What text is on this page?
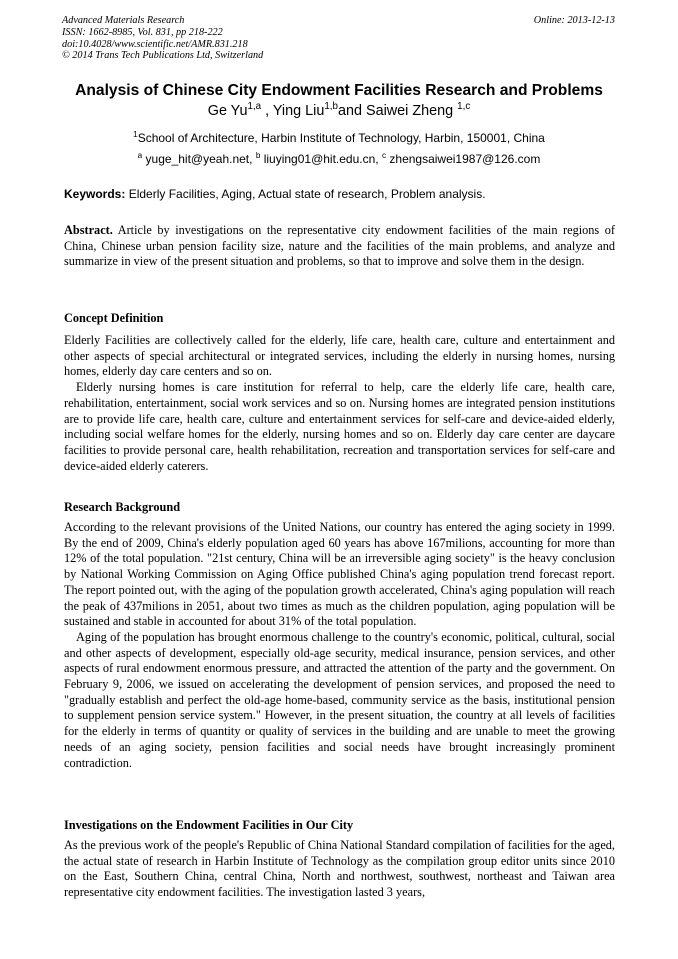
Advanced Materials Research
ISSN: 1662-8985, Vol. 831, pp 218-222
doi:10.4028/www.scientific.net/AMR.831.218
© 2014 Trans Tech Publications Ltd, Switzerland
Online: 2013-12-13
Analysis of Chinese City Endowment Facilities Research and Problems
Ge Yu$^{1,a}$ , Ying Liu$^{1,b}$and Saiwei Zheng $^{1,c}$
$^1$School of Architecture, Harbin Institute of Technology, Harbin, 150001, China
$^a$ yuge_hit@yeah.net, $^b$ liuying01@hit.edu.cn, $^c$ zhengsaiwei1987@126.com
Keywords: Elderly Facilities, Aging, Actual state of research, Problem analysis.

Abstract. Article by investigations on the representative city endowment facilities of the main regions of China, Chinese urban pension facility size, nature and the facilities of the main problems, and analyze and summarize in view of the present situation and problems, so that to improve and solve them in the design.

Concept Definition

Elderly Facilities are collectively called for the elderly, life care, health care, culture and entertainment and other aspects of special architectural or integrated services, including the elderly in nursing homes, nursing homes, elderly day care centers and so on.

Elderly nursing homes is care institution for referral to help, care the elderly life care, health care, rehabilitation, entertainment, social work services and so on. Nursing homes are integrated pension institutions are to provide life care, health care, culture and entertainment services for self-care and device-aided elderly, including social welfare homes for the elderly, nursing homes and so on. Elderly day care center are daycare facilities to provide personal care, health rehabilitation, recreation and transportation services for self-care and device-aided elderly caterers.

Research Background

According to the relevant provisions of the United Nations, our country has entered the aging society in 1999. By the end of 2009, China's elderly population aged 60 years has above 167milions, accounting for more than 12% of the total population. "21st century, China will be an irreversible aging society" is the heavy conclusion by National Working Commission on Aging Office published China's aging population trend forecast report. The report pointed out, with the aging of the population growth accelerated, China's aging population will reach the peak of 437milions in 2051, about two times as much as the children population, aging population will be sustained and stable in accounted for about 31% of the total population.

Aging of the population has brought enormous challenge to the country's economic, political, cultural, social and other aspects of development, especially old-age security, medical insurance, pension services, and other aspects of rural endowment enormous pressure, and attracted the attention of the party and the government. On February 9, 2006, we issued on accelerating the development of pension services, and proposed the need to "gradually establish and perfect the old-age home-based, community service as the basis, institutional pension to supplement pension service system." However, in the present situation, the country at all levels of facilities for the elderly in terms of quantity or quality of services in the building and are unable to meet the growing needs of an aging society, pension facilities and social needs have brought increasingly prominent contradiction.

Investigations on the Endowment Facilities in Our City

As the previous work of the people's Republic of China National Standard compilation of facilities for the aged, the actual state of research in Harbin Institute of Technology as the compilation group editor units since 2010 on the East, Southern China, central China, North and northwest, southwest, northeast and Taiwan area representative city endowment facilities. The investigation lasted 3 years,
